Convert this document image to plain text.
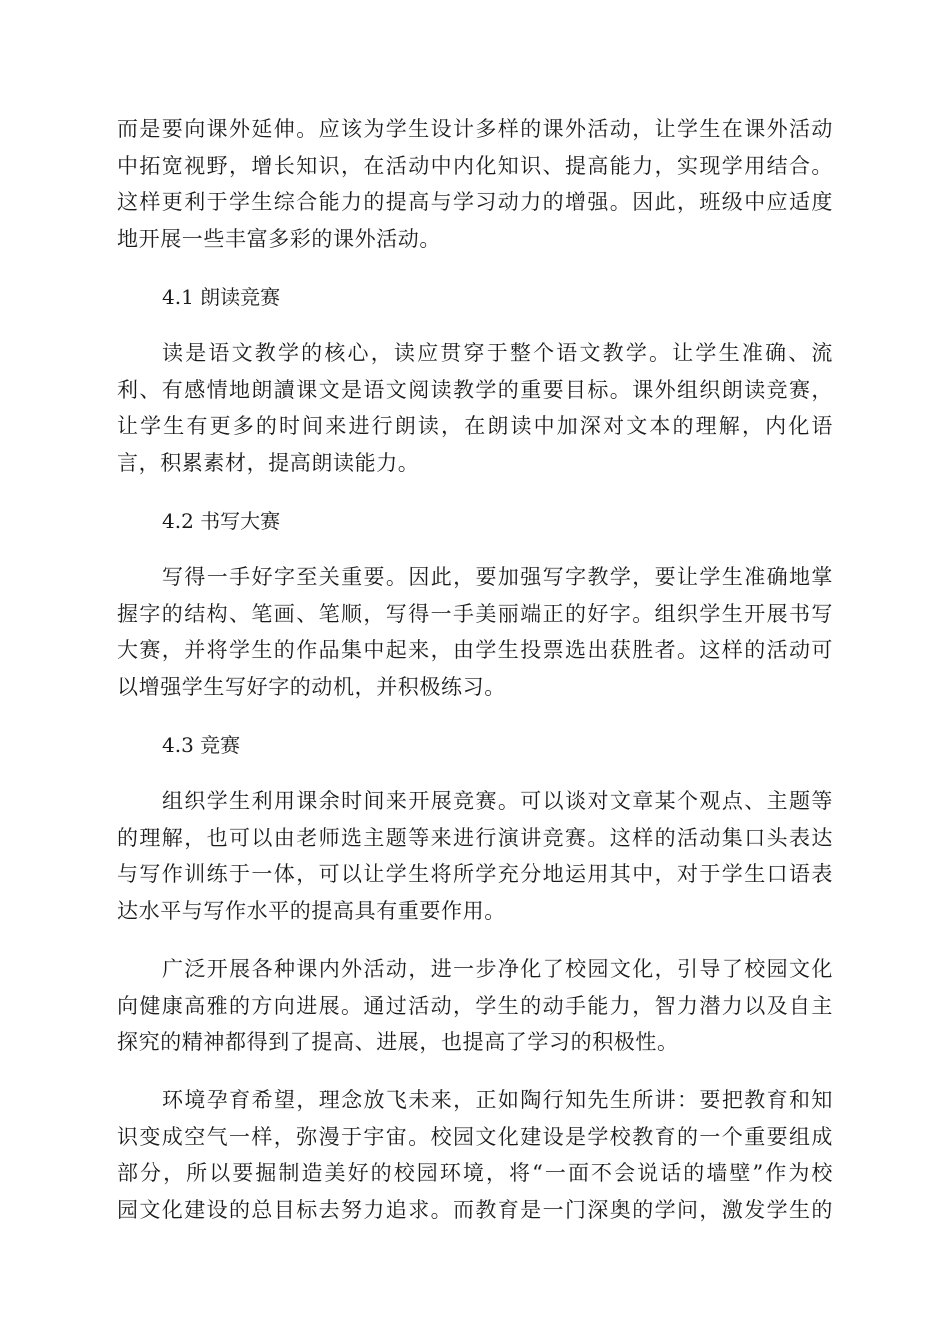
而是要向课外延伸。应该为学生设计多样的课外活动，让学生在课外活动

中拓宽视野，增长知识，在活动中内化知识、提高能力，实现学用结合。

这样更利于学生综合能力的提高与学习动力的增强。因此，班级中应适度

地开展一些丰富多彩的课外活动。

4.1 朗读竞赛

读是语文教学的核心，读应贯穿于整个语文教学。让学生准确、流

利、有感情地朗讀课文是语文阅读教学的重要目标。课外组织朗读竞赛，

让学生有更多的时间来进行朗读，在朗读中加深对文本的理解，内化语

言，积累素材，提高朗读能力。

4.2 书写大赛

写得一手好字至关重要。因此，要加强写字教学，要让学生准确地掌

握字的结构、笔画、笔顺，写得一手美丽端正的好字。组织学生开展书写

大赛，并将学生的作品集中起来，由学生投票选出获胜者。这样的活动可

以增强学生写好字的动机，并积极练习。

4.3 竞赛

组织学生利用课余时间来开展竞赛。可以谈对文章某个观点、主题等

的理解，也可以由老师选主题等来进行演讲竞赛。这样的活动集口头表达

与写作训练于一体，可以让学生将所学充分地运用其中，对于学生口语表

达水平与写作水平的提高具有重要作用。

广泛开展各种课内外活动，进一步净化了校园文化，引导了校园文化

向健康高雅的方向进展。通过活动，学生的动手能力，智力潜力以及自主

探究的精神都得到了提高、进展，也提高了学习的积极性。

环境孕育希望，理念放飞未来，正如陶行知先生所讲：要把教育和知

识变成空气一样，弥漫于宇宙。校园文化建设是学校教育的一个重要组成

部分，所以要掘制造美好的校园环境，将“一面不会说话的墙壁”作为校

园文化建设的总目标去努力追求。而教育是一门深奥的学问，激发学生的
